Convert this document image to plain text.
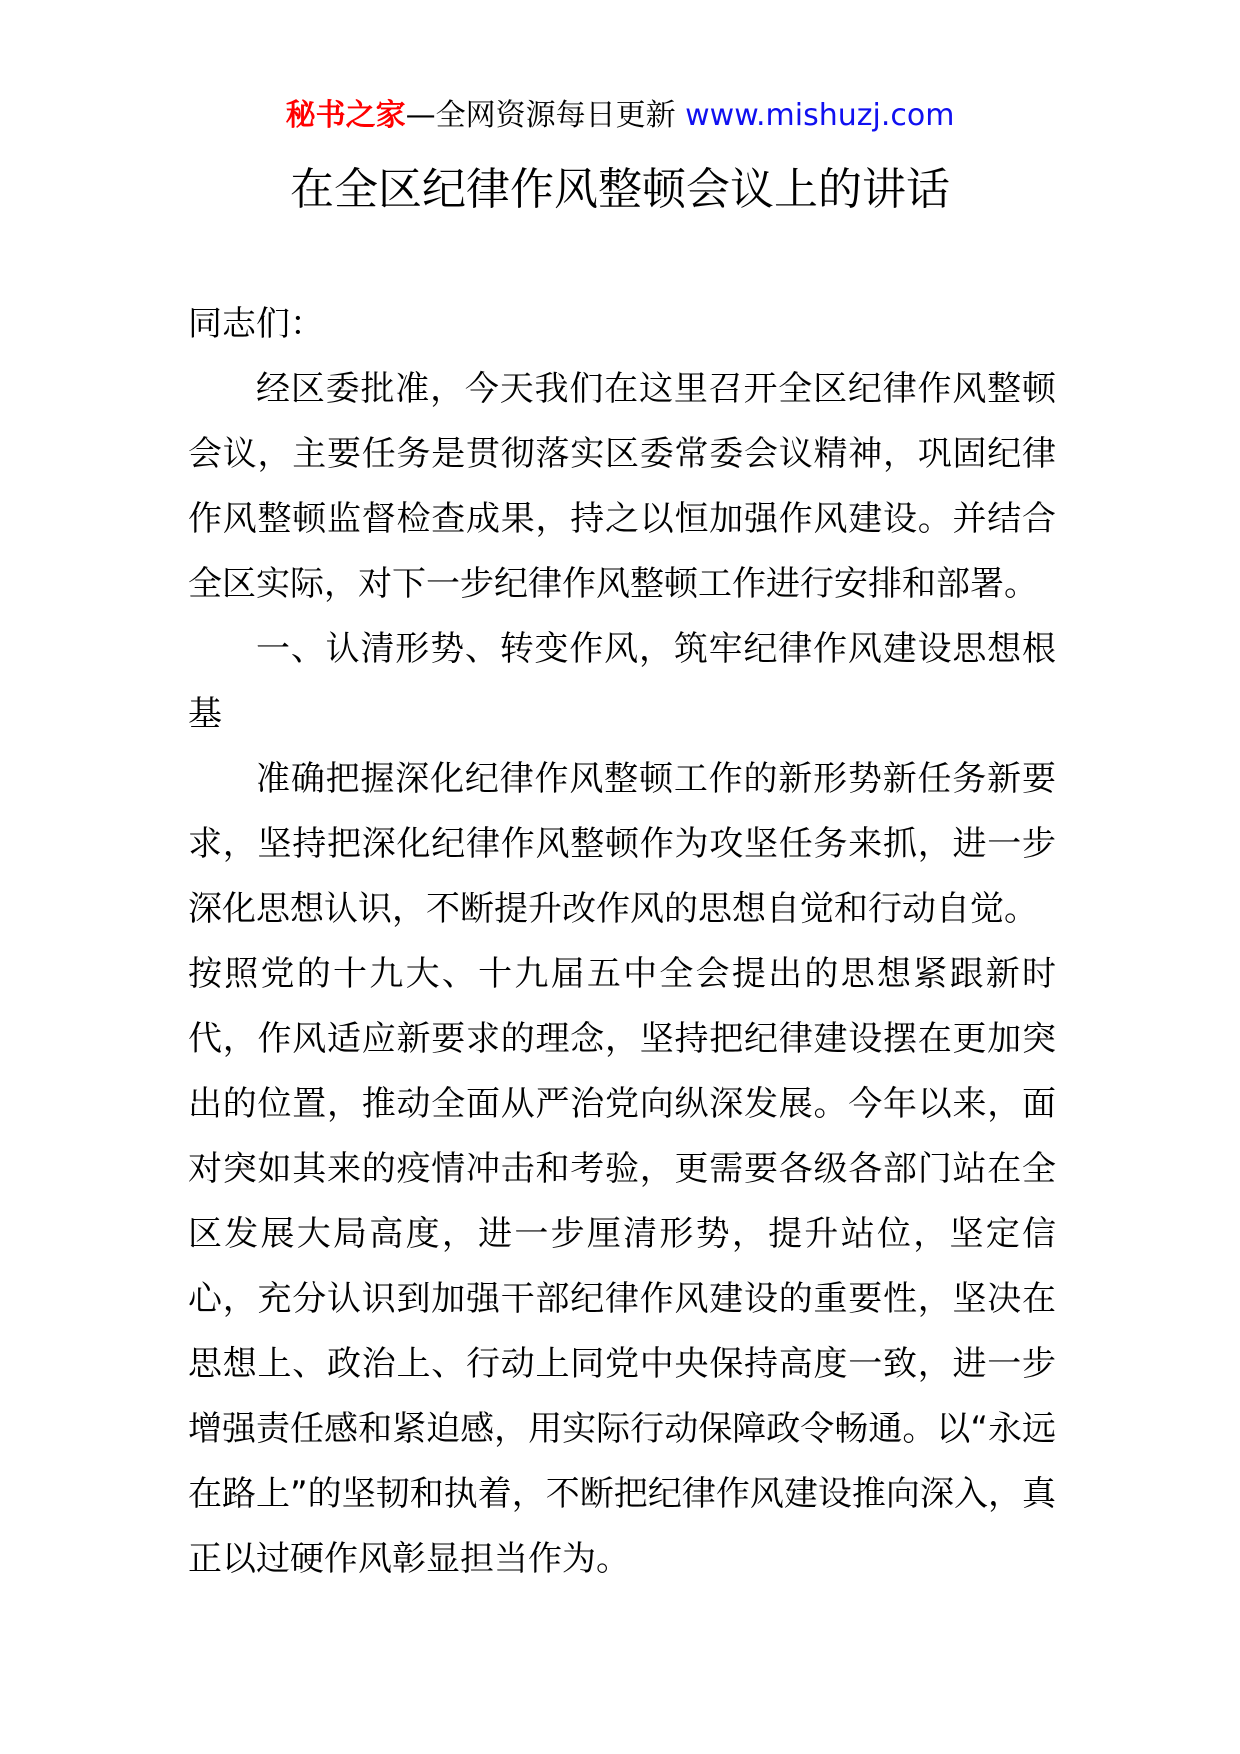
秘书之家—全网资源每日更新 www.mishuzj.com
在全区纪律作风整顿会议上的讲话

同志们：

经区委批准，今天我们在这里召开全区纪律作风整顿会议，主要任务是贯彻落实区委常委会议精神，巩固纪律作风整顿监督检查成果，持之以恒加强作风建设。并结合全区实际，对下一步纪律作风整顿工作进行安排和部署。

一、认清形势、转变作风，筑牢纪律作风建设思想根基

准确把握深化纪律作风整顿工作的新形势新任务新要求，坚持把深化纪律作风整顿作为攻坚任务来抓，进一步深化思想认识，不断提升改作风的思想自觉和行动自觉。

按照党的十九大、十九届五中全会提出的思想紧跟新时代，作风适应新要求的理念，坚持把纪律建设摆在更加突出的位置，推动全面从严治党向纵深发展。今年以来，面对突如其来的疫情冲击和考验，更需要各级各部门站在全区发展大局高度，进一步厘清形势，提升站位，坚定信心，充分认识到加强干部纪律作风建设的重要性，坚决在思想上、政治上、行动上同党中央保持高度一致，进一步增强责任感和紧迫感，用实际行动保障政令畅通。以“永远在路上”的坚韧和执着，不断把纪律作风建设推向深入，真正以过硬作风彰显担当作为。
